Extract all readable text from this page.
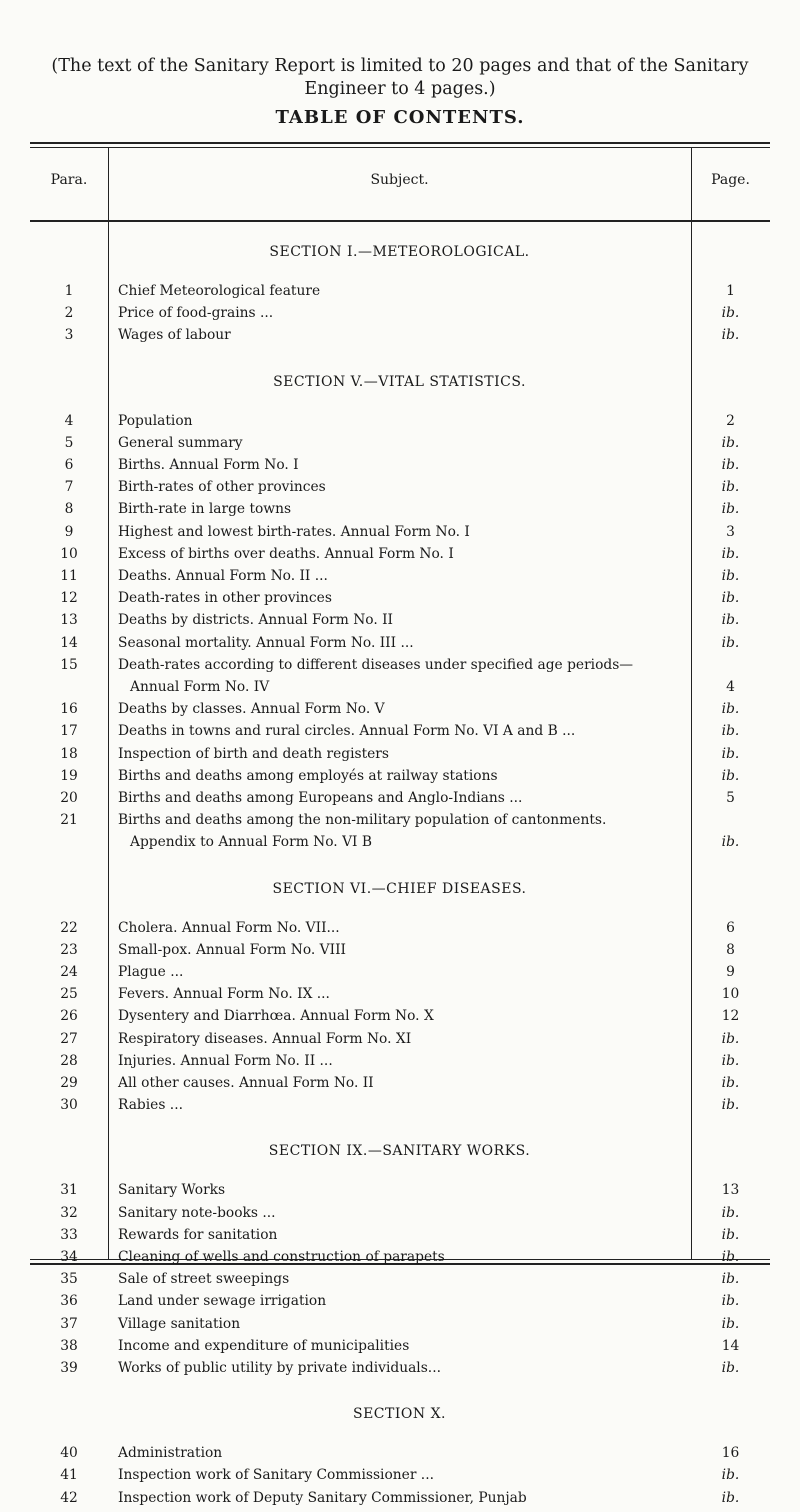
(The text of the Sanitary Report is limited to 20 pages and that of the Sanitary
Engineer to 4 pages.)
TABLE OF CONTENTS.
Para.	Subject.	Page.
SECTION I.—METEOROLOGICAL.
1	Chief Meteorological feature	1
2	Price of food-grains ...	ib.
3	Wages of labour	ib.
SECTION V.—VITAL STATISTICS.
4	Population	2
5	General summary	ib.
6	Births. Annual Form No. I	ib.
7	Birth-rates of other provinces	ib.
8	Birth-rate in large towns	ib.
9	Highest and lowest birth-rates. Annual Form No. I	3
10	Excess of births over deaths. Annual Form No. I	ib.
11	Deaths. Annual Form No. II ...	ib.
12	Death-rates in other provinces	ib.
13	Deaths by districts. Annual Form No. II	ib.
14	Seasonal mortality. Annual Form No. III ...	ib.
15	Death-rates according to different diseases under specified age periods—
Annual Form No. IV	4
16	Deaths by classes. Annual Form No. V	ib.
17	Deaths in towns and rural circles. Annual Form No. VI A and B ...	ib.
18	Inspection of birth and death registers	ib.
19	Births and deaths among employés at railway stations	ib.
20	Births and deaths among Europeans and Anglo-Indians ...	5
21	Births and deaths among the non-military population of cantonments.
Appendix to Annual Form No. VI B	ib.
SECTION VI.—CHIEF DISEASES.
22	Cholera. Annual Form No. VII...	6
23	Small-pox. Annual Form No. VIII	8
24	Plague ...	9
25	Fevers. Annual Form No. IX ...	10
26	Dysentery and Diarrhœa. Annual Form No. X	12
27	Respiratory diseases. Annual Form No. XI	ib.
28	Injuries. Annual Form No. II ...	ib.
29	All other causes. Annual Form No. II	ib.
30	Rabies ...	ib.
SECTION IX.—SANITARY WORKS.
31	Sanitary Works	13
32	Sanitary note-books ...	ib.
33	Rewards for sanitation	ib.
34	Cleaning of wells and construction of parapets	ib.
35	Sale of street sweepings	ib.
36	Land under sewage irrigation	ib.
37	Village sanitation	ib.
38	Income and expenditure of municipalities	14
39	Works of public utility by private individuals...	ib.
SECTION X.
40	Administration	16
41	Inspection work of Sanitary Commissioner ...	ib.
42	Inspection work of Deputy Sanitary Commissioner, Punjab	ib.
